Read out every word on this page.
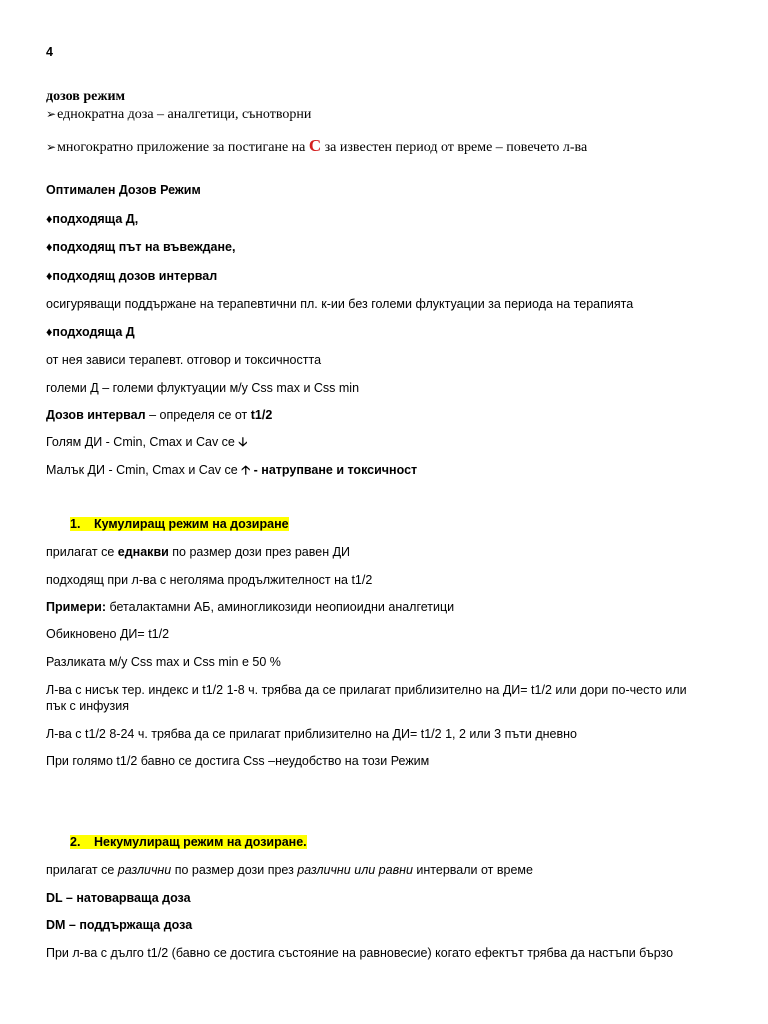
4
дозов режим
➢еднократна доза – аналгетици, сънотворни
➢многократно приложение за постигане на С за известен период от време – повечето л-ва
Оптимален Дозов Режим
♦подходяща Д,
♦подходящ път на въвеждане,
♦подходящ дозов интервал
осигуряващи поддържане на терапевтични пл. к-ии без големи флуктуации за периода на терапията
♦подходяща Д
от нея зависи терапевт. отговор и токсичността
големи Д – големи флуктуации м/у Css max и Css min
Дозов интервал – определя се от t1/2
Голям ДИ - Cmin, Cmax и Cav се 🡣
Малък ДИ - Cmin, Cmax и Cav се 🡡 - натрупване и токсичност
1. Кумулиращ режим на дозиране
прилагат се еднакви по размер дози през равен ДИ
подходящ при л-ва с неголяма продължителност на t1/2
Примери: беталактамни АБ, аминогликозиди неопиоидни аналгетици
Обикновено ДИ= t1/2
Разликата м/у Css max и Css min е 50 %
Л-ва с нисък тер. индекс и t1/2 1-8 ч. трябва да се прилагат приблизително на ДИ= t1/2 или дори по-често или
пък с инфузия
Л-ва с t1/2 8-24 ч. трябва да се прилагат приблизително на ДИ= t1/2 1, 2 или 3 пъти дневно
При голямо t1/2 бавно се достига Css –неудобство на този Режим
2. Некумулиращ режим на дозиране.
прилагат се различни по размер дози през различни или равни интервали от време
DL – натоварваща доза
DM – поддържаща доза
При л-ва с дълго t1/2 (бавно се достига състояние на равновесие) когато ефектът трябва да настъпи бързо
